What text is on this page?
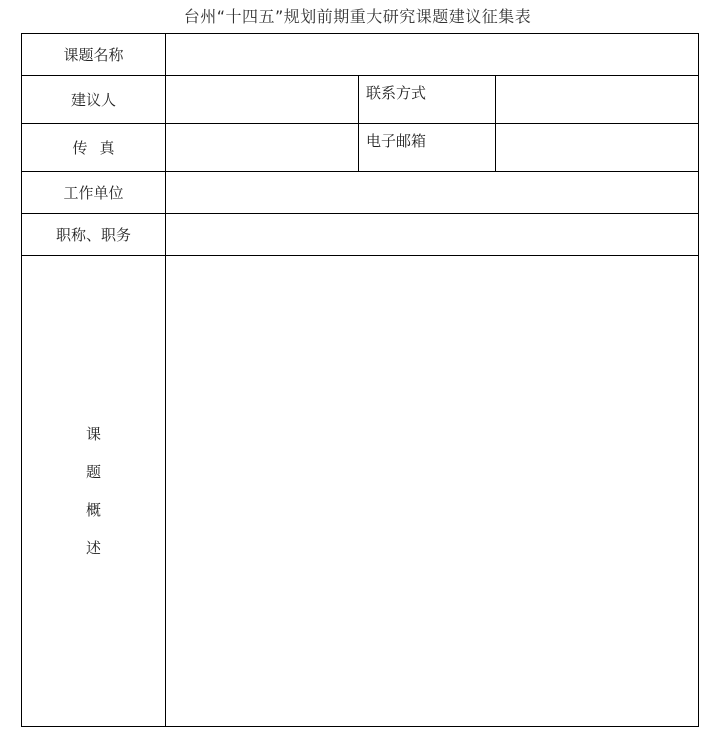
台州“十四五”规划前期重大研究课题建议征集表
课题名称			
建议人		联系方式	
传真		电子邮箱	
工作单位			
职称、职务			

课
题
概
述			
